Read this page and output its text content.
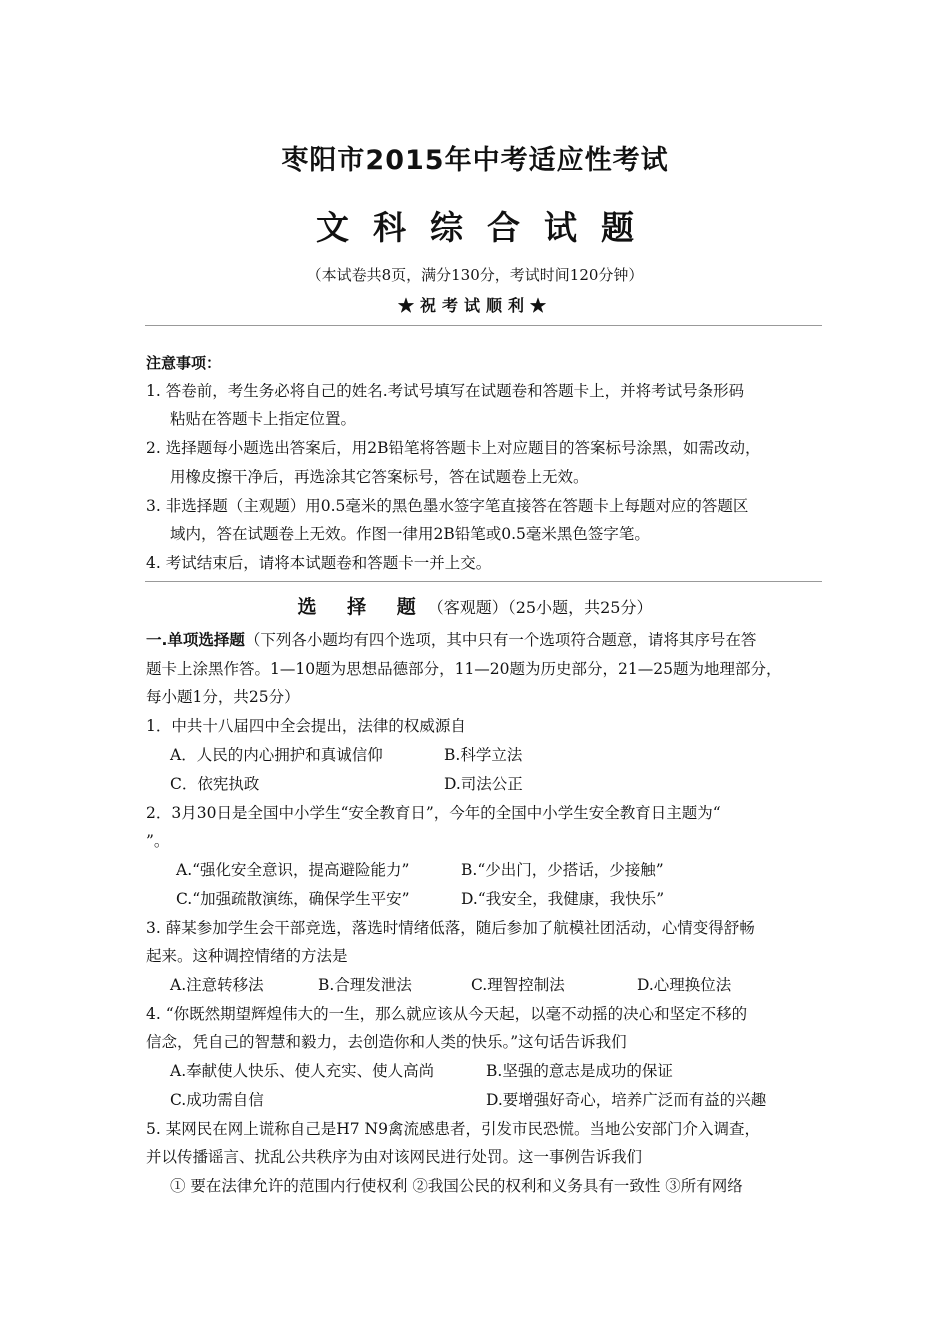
枣阳市2015年中考适应性考试
文科综合试题
（本试卷共8页，满分130分，考试时间120分钟）
★祝考试顺利★
注意事项：
1. 答卷前，考生务必将自己的姓名.考试号填写在试题卷和答题卡上，并将考试号条形码
粘贴在答题卡上指定位置。
2. 选择题每小题选出答案后，用2B铅笔将答题卡上对应题目的答案标号涂黑，如需改动，
用橡皮擦干净后，再选涂其它答案标号，答在试题卷上无效。
3. 非选择题（主观题）用0.5毫米的黑色墨水签字笔直接答在答题卡上每题对应的答题区
域内，答在试题卷上无效。作图一律用2B铅笔或0.5毫米黑色签字笔。
4. 考试结束后，请将本试题卷和答题卡一并上交。
选 择 题（客观题）（25小题，共25分）
一.单项选择题（下列各小题均有四个选项，其中只有一个选项符合题意，请将其序号在答
题卡上涂黑作答。1—10题为思想品德部分，11—20题为历史部分，21—25题为地理部分，
每小题1分，共25分）
1．中共十八届四中全会提出，法律的权威源自
A．人民的内心拥护和真诚信仰	B.科学立法
C．依宪执政	D.司法公正
2．3月30日是全国中小学生“安全教育日”，今年的全国中小学生安全教育日主题为“
”。
A.“强化安全意识，提高避险能力”	B.“少出门，少搭话，少接触”
C.“加强疏散演练，确保学生平安”	D.“我安全，我健康，我快乐”
3. 薛某参加学生会干部竞选，落选时情绪低落，随后参加了航模社团活动，心情变得舒畅
起来。这种调控情绪的方法是
A.注意转移法	B.合理发泄法	C.理智控制法	D.心理换位法
4. “你既然期望辉煌伟大的一生，那么就应该从今天起，以毫不动摇的决心和坚定不移的
信念，凭自己的智慧和毅力，去创造你和人类的快乐。”这句话告诉我们
A.奉献使人快乐、使人充实、使人高尚	B.坚强的意志是成功的保证
C.成功需自信	D.要增强好奇心，培养广泛而有益的兴趣
5. 某网民在网上谎称自己是H7 N9禽流感患者，引发市民恐慌。当地公安部门介入调查，
并以传播谣言、扰乱公共秩序为由对该网民进行处罚。这一事例告诉我们
① 要在法律允许的范围内行使权利 ②我国公民的权利和义务具有一致性 ③所有网络
